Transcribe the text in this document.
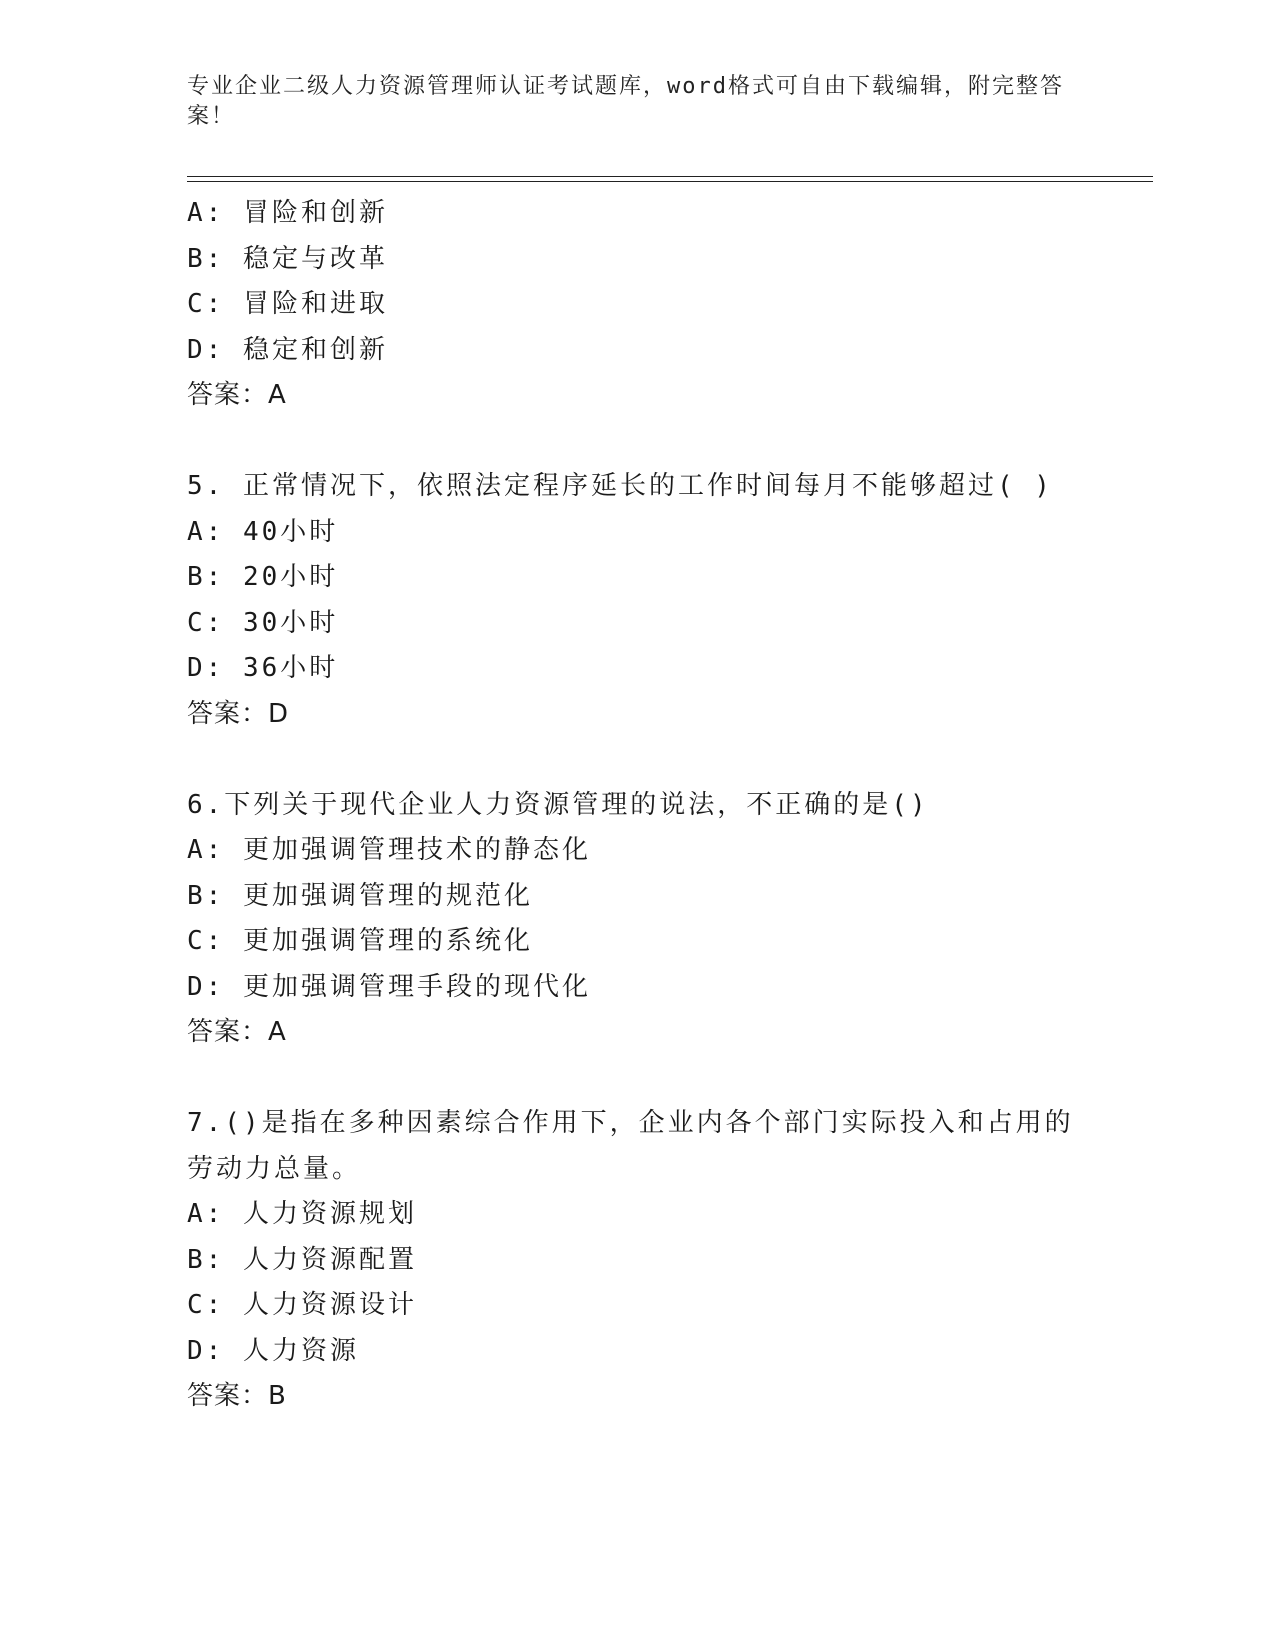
专业企业二级人力资源管理师认证考试题库，word格式可自由下载编辑，附完整答案！
A: 冒险和创新
B: 稳定与改革
C: 冒险和进取
D: 稳定和创新
答案：A
5. 正常情况下，依照法定程序延长的工作时间每月不能够超过( )
A: 40小时
B: 20小时
C: 30小时
D: 36小时
答案：D
6.下列关于现代企业人力资源管理的说法，不正确的是()
A: 更加强调管理技术的静态化
B: 更加强调管理的规范化
C: 更加强调管理的系统化
D: 更加强调管理手段的现代化
答案：A
7.()是指在多种因素综合作用下，企业内各个部门实际投入和占用的
劳动力总量。
A: 人力资源规划
B: 人力资源配置
C: 人力资源设计
D: 人力资源
答案：B
